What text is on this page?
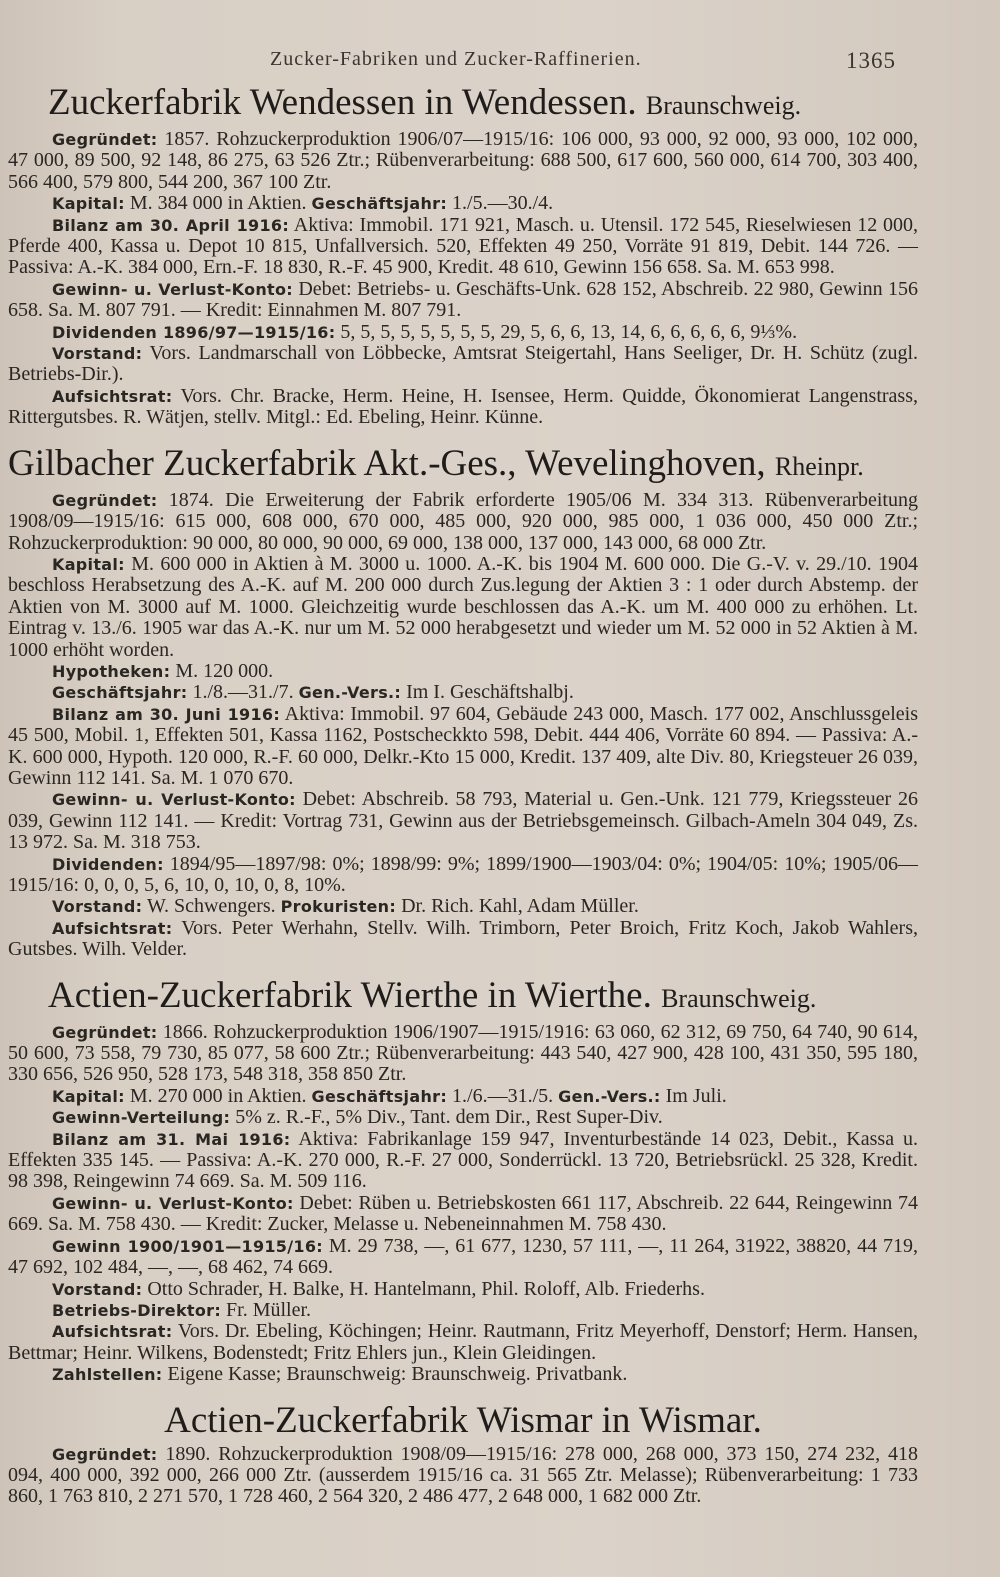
Zucker-Fabriken und Zucker-Raffinerien.	1365
Zuckerfabrik Wendessen in Wendessen. Braunschweig.

Gegründet: 1857. Rohzuckerproduktion 1906/07—1915/16: 106 000, 93 000, 92 000, 93 000, 102 000, 47 000, 89 500, 92 148, 86 275, 63 526 Ztr.; Rübenverarbeitung: 688 500, 617 600, 560 000, 614 700, 303 400, 566 400, 579 800, 544 200, 367 100 Ztr.

Kapital: M. 384 000 in Aktien. Geschäftsjahr: 1./5.—30./4.

Bilanz am 30. April 1916: Aktiva: Immobil. 171 921, Masch. u. Utensil. 172 545, Rieselwiesen 12 000, Pferde 400, Kassa u. Depot 10 815, Unfallversich. 520, Effekten 49 250, Vorräte 91 819, Debit. 144 726. — Passiva: A.-K. 384 000, Ern.-F. 18 830, R.-F. 45 900, Kredit. 48 610, Gewinn 156 658. Sa. M. 653 998.

Gewinn- u. Verlust-Konto: Debet: Betriebs- u. Geschäfts-Unk. 628 152, Abschreib. 22 980, Gewinn 156 658. Sa. M. 807 791. — Kredit: Einnahmen M. 807 791.

Dividenden 1896/97—1915/16: 5, 5, 5, 5, 5, 5, 5, 5, 29, 5, 6, 6, 13, 14, 6, 6, 6, 6, 6, 9⅓%.

Vorstand: Vors. Landmarschall von Löbbecke, Amtsrat Steigertahl, Hans Seeliger, Dr. H. Schütz (zugl. Betriebs-Dir.).

Aufsichtsrat: Vors. Chr. Bracke, Herm. Heine, H. Isensee, Herm. Quidde, Ökonomierat Langenstrass, Rittergutsbes. R. Wätjen, stellv. Mitgl.: Ed. Ebeling, Heinr. Künne.

Gilbacher Zuckerfabrik Akt.-Ges., Wevelinghoven, Rheinpr.

Gegründet: 1874. Die Erweiterung der Fabrik erforderte 1905/06 M. 334 313. Rübenverarbeitung 1908/09—1915/16: 615 000, 608 000, 670 000, 485 000, 920 000, 985 000, 1 036 000, 450 000 Ztr.; Rohzuckerproduktion: 90 000, 80 000, 90 000, 69 000, 138 000, 137 000, 143 000, 68 000 Ztr.

Kapital: M. 600 000 in Aktien à M. 3000 u. 1000. A.-K. bis 1904 M. 600 000. Die G.-V. v. 29./10. 1904 beschloss Herabsetzung des A.-K. auf M. 200 000 durch Zus.legung der Aktien 3 : 1 oder durch Abstemp. der Aktien von M. 3000 auf M. 1000. Gleichzeitig wurde beschlossen das A.-K. um M. 400 000 zu erhöhen. Lt. Eintrag v. 13./6. 1905 war das A.-K. nur um M. 52 000 herabgesetzt und wieder um M. 52 000 in 52 Aktien à M. 1000 erhöht worden.

Hypotheken: M. 120 000.

Geschäftsjahr: 1./8.—31./7. Gen.-Vers.: Im I. Geschäftshalbj.

Bilanz am 30. Juni 1916: Aktiva: Immobil. 97 604, Gebäude 243 000, Masch. 177 002, Anschlussgeleis 45 500, Mobil. 1, Effekten 501, Kassa 1162, Postscheckkto 598, Debit. 444 406, Vorräte 60 894. — Passiva: A.-K. 600 000, Hypoth. 120 000, R.-F. 60 000, Delkr.-Kto 15 000, Kredit. 137 409, alte Div. 80, Kriegsteuer 26 039, Gewinn 112 141. Sa. M. 1 070 670.

Gewinn- u. Verlust-Konto: Debet: Abschreib. 58 793, Material u. Gen.-Unk. 121 779, Kriegssteuer 26 039, Gewinn 112 141. — Kredit: Vortrag 731, Gewinn aus der Betriebsgemeinsch. Gilbach-Ameln 304 049, Zs. 13 972. Sa. M. 318 753.

Dividenden: 1894/95—1897/98: 0%; 1898/99: 9%; 1899/1900—1903/04: 0%; 1904/05: 10%; 1905/06—1915/16: 0, 0, 0, 5, 6, 10, 0, 10, 0, 8, 10%.

Vorstand: W. Schwengers. Prokuristen: Dr. Rich. Kahl, Adam Müller.

Aufsichtsrat: Vors. Peter Werhahn, Stellv. Wilh. Trimborn, Peter Broich, Fritz Koch, Jakob Wahlers, Gutsbes. Wilh. Velder.

Actien-Zuckerfabrik Wierthe in Wierthe. Braunschweig.

Gegründet: 1866. Rohzuckerproduktion 1906/1907—1915/1916: 63 060, 62 312, 69 750, 64 740, 90 614, 50 600, 73 558, 79 730, 85 077, 58 600 Ztr.; Rübenverarbeitung: 443 540, 427 900, 428 100, 431 350, 595 180, 330 656, 526 950, 528 173, 548 318, 358 850 Ztr.

Kapital: M. 270 000 in Aktien. Geschäftsjahr: 1./6.—31./5. Gen.-Vers.: Im Juli.

Gewinn-Verteilung: 5% z. R.-F., 5% Div., Tant. dem Dir., Rest Super-Div.

Bilanz am 31. Mai 1916: Aktiva: Fabrikanlage 159 947, Inventurbestände 14 023, Debit., Kassa u. Effekten 335 145. — Passiva: A.-K. 270 000, R.-F. 27 000, Sonderrückl. 13 720, Betriebsrückl. 25 328, Kredit. 98 398, Reingewinn 74 669. Sa. M. 509 116.

Gewinn- u. Verlust-Konto: Debet: Rüben u. Betriebskosten 661 117, Abschreib. 22 644, Reingewinn 74 669. Sa. M. 758 430. — Kredit: Zucker, Melasse u. Nebeneinnahmen M. 758 430.

Gewinn 1900/1901—1915/16: M. 29 738, —, 61 677, 1230, 57 111, —, 11 264, 31922, 38820, 44 719, 47 692, 102 484, —, —, 68 462, 74 669.

Vorstand: Otto Schrader, H. Balke, H. Hantelmann, Phil. Roloff, Alb. Friederhs.

Betriebs-Direktor: Fr. Müller.

Aufsichtsrat: Vors. Dr. Ebeling, Köchingen; Heinr. Rautmann, Fritz Meyerhoff, Denstorf; Herm. Hansen, Bettmar; Heinr. Wilkens, Bodenstedt; Fritz Ehlers jun., Klein Gleidingen.

Zahlstellen: Eigene Kasse; Braunschweig: Braunschweig. Privatbank.

Actien-Zuckerfabrik Wismar in Wismar.

Gegründet: 1890. Rohzuckerproduktion 1908/09—1915/16: 278 000, 268 000, 373 150, 274 232, 418 094, 400 000, 392 000, 266 000 Ztr. (ausserdem 1915/16 ca. 31 565 Ztr. Melasse); Rübenverarbeitung: 1 733 860, 1 763 810, 2 271 570, 1 728 460, 2 564 320, 2 486 477, 2 648 000, 1 682 000 Ztr.
